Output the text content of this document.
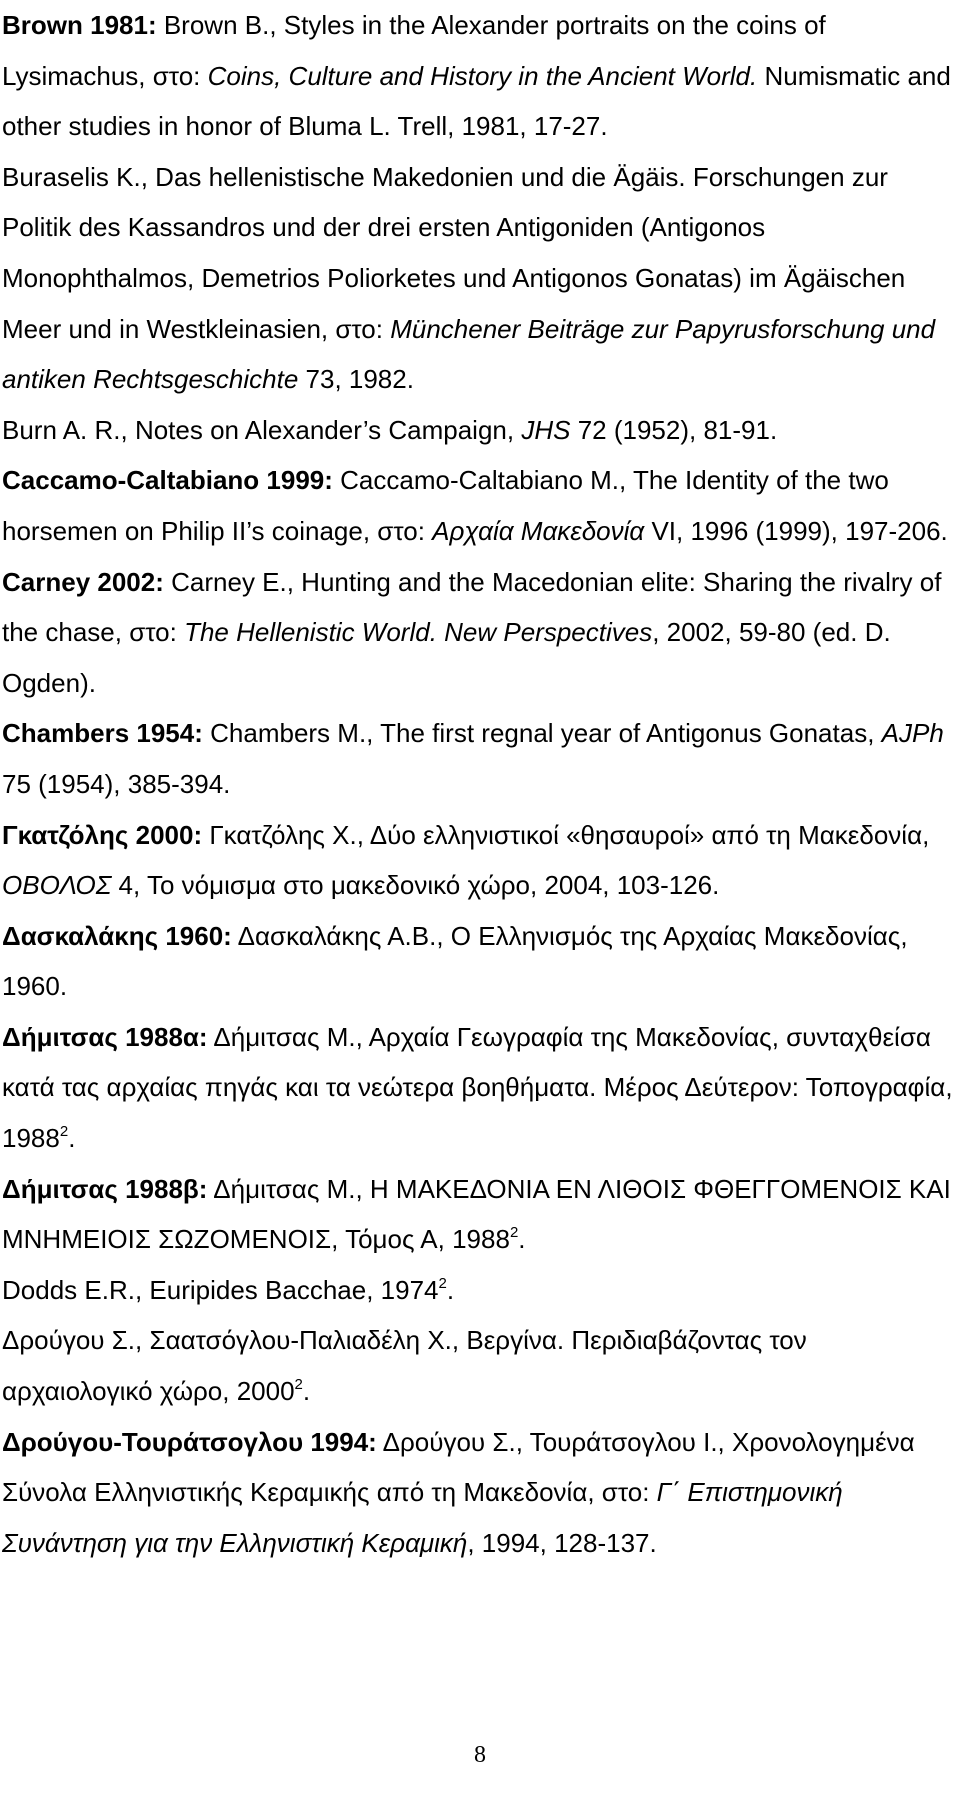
Brown 1981: Brown B., Styles in the Alexander portraits on the coins of Lysimachus, στο: Coins, Culture and History in the Ancient World. Numismatic and other studies in honor of Bluma L. Trell, 1981, 17-27.

Buraselis K., Das hellenistische Makedonien und die Ägäis. Forschungen zur Politik des Kassandros und der drei ersten Antigoniden (Antigonos Monophthalmos, Demetrios Poliorketes und Antigonos Gonatas) im Ägäischen Meer und in Westkleinasien, στο: Münchener Beiträge zur Papyrusforschung und antiken Rechtsgeschichte 73, 1982.

Burn A. R., Notes on Alexander’s Campaign, JHS 72 (1952), 81-91.

Caccamo-Caltabiano 1999: Caccamo-Caltabiano M., The Identity of the two horsemen on Philip II’s coinage, στο: Αρχαία Μακεδονία VI, 1996 (1999), 197-206.

Carney 2002: Carney E., Hunting and the Macedonian elite: Sharing the rivalry of the chase, στο: The Hellenistic World. New Perspectives, 2002, 59-80 (ed. D. Ogden).

Chambers 1954: Chambers M., The first regnal year of Antigonus Gonatas, AJPh 75 (1954), 385-394.

Γκατζόλης 2000: Γκατζόλης Χ., Δύο ελληνιστικοί «θησαυροί» από τη Μακεδονία, ΟΒΟΛΟΣ 4, Το νόμισμα στο μακεδονικό χώρο, 2004, 103-126.

Δασκαλάκης 1960: Δασκαλάκης Α.Β., Ο Ελληνισμός της Αρχαίας Μακεδονίας, 1960.

Δήμιτσας 1988α: Δήμιτσας Μ., Αρχαία Γεωγραφία της Μακεδονίας, συνταχθείσα κατά τας αρχαίας πηγάς και τα νεώτερα βοηθήματα. Μέρος Δεύτερον: Τοπογραφία, 1988$^2$.

Δήμιτσας 1988β: Δήμιτσας Μ., Η ΜΑΚΕΔΟΝΙΑ ΕΝ ΛΙΘΟΙΣ ΦΘΕΓΓΟΜΕΝΟΙΣ ΚΑΙ ΜΝΗΜΕΙΟΙΣ ΣΩΖΟΜΕΝΟΙΣ, Τόμος Α, 1988$^2$.

Dodds E.R., Euripides Bacchae, 1974$^2$.

Δρούγου Σ., Σαατσόγλου-Παλιαδέλη Χ., Βεργίνα. Περιδιαβάζοντας τον αρχαιολογικό χώρο, 2000$^2$.

Δρούγου-Τουράτσογλου 1994: Δρούγου Σ., Τουράτσογλου Ι., Χρονολογημένα Σύνολα Ελληνιστικής Κεραμικής από τη Μακεδονία, στο: Γ΄ Επιστημονική Συνάντηση για την Ελληνιστική Κεραμική, 1994, 128-137.

8
